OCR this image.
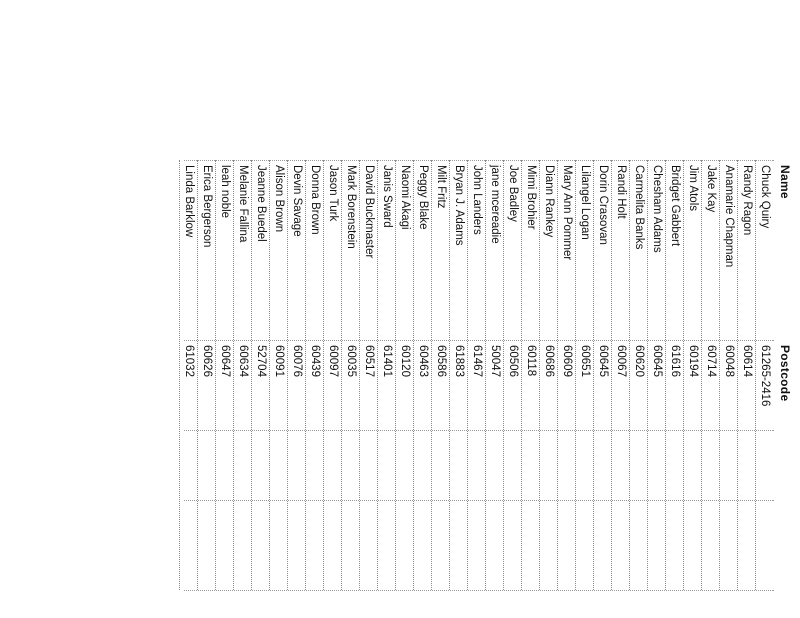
Name
Postcode
Chuck Quiry
61265-2416
Randy Ragon
60614
Anamarie Chapman
60048
Jake Kay
60714
Jim Atols
60194
Bridget Gabbert
61616
Chesham Adams
60645
Carmelita Banks
60620
Randi Holt
60067
Dorin Crasovan
60645
Lilangel Logan
60651
Mary Ann Pommer
60609
Diann Rankey
60686
Mimi Brohier
60118
Joe Badley
60506
jane mcereadie
50047
John Landers
61467
Bryan J. Adams
61883
Milt Fritz
60586
Peggy Blake
60463
Naomi Akagi
60120
Janis Sward
61401
David Buckmaster
60517
Mark Borenstein
60035
Jason Turk
60097
Donna Brown
60439
Devin Savage
60076
Alison Brown
60091
Jeanne Buedel
52704
Melanie Fallina
60634
leah noble
60647
Erica Bergerson
60626
Linda Barklow
61032
